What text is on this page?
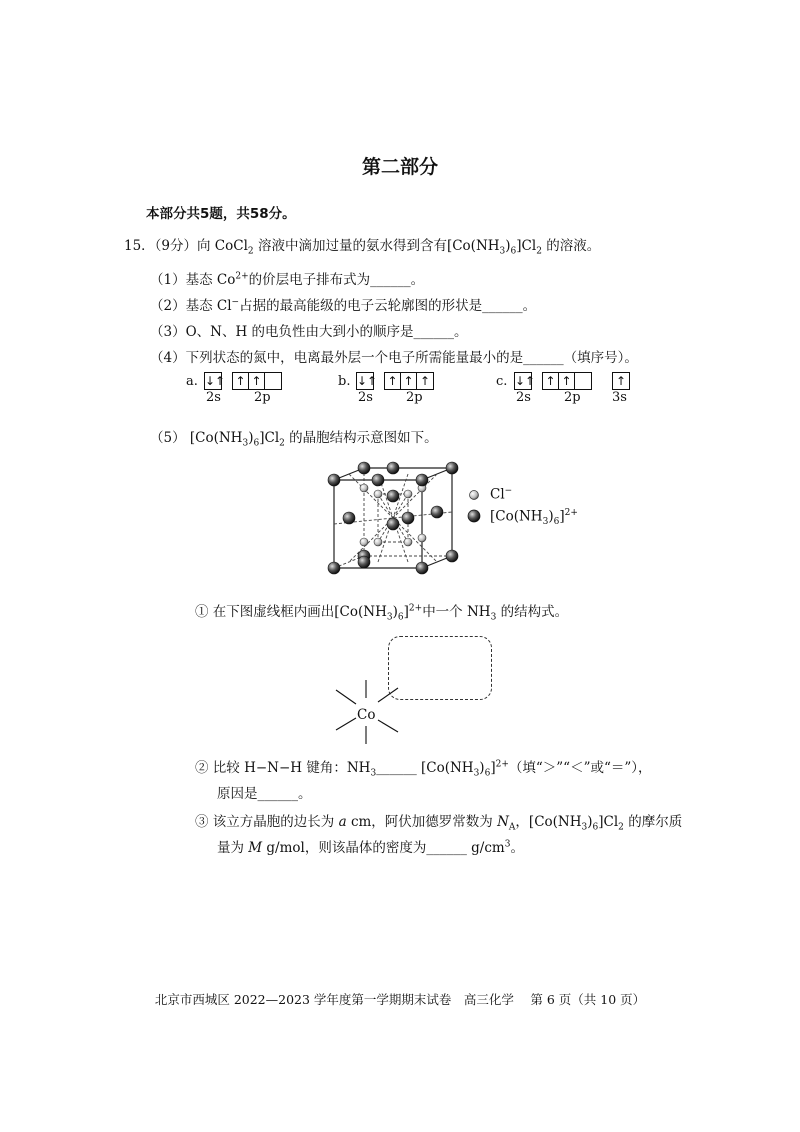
第二部分
本部分共5题，共58分。
15．（9分）向 CoCl$_2$ 溶液中滴加过量的氨水得到含有$[Co(NH_3)_6]Cl_2$ 的溶液。
（1）基态 $Co^{2+}$的价层电子排布式为______。
（2）基态 Cl−占据的最高能级的电子云轮廓图的形状是______。
（3）O、N、H 的电负性由大到小的顺序是______。
（4）下列状态的氮中，电离最外层一个电子所需能量最小的是______（填序号）。
a. ↓↑ ↑ ↑
2s	2p
b. ↓↑ ↑ ↑ ↑
2s	2p
c. ↓↑ ↑ ↑	↑
2s	2p 3s
（5） $[Co(NH_3)_6]Cl_2$ 的晶胞结构示意图如下。
Cl−
$[Co(NH_3)_6]^{2+}$
① 在下图虚线框内画出$[Co(NH_3)_6]^{2+}$中一个 $NH_3$ 的结构式。
Co
② 比较 H−N−H 键角：$NH_3\_\_\_\_\_\_$ $[Co(NH_3)_6]^{2+}$（填“＞”“＜”或“＝”），
原因是______。
③ 该立方晶胞的边长为 a cm，阿伏加德罗常数为 $N_A$，$[Co(NH_3)_6]Cl_2$ 的摩尔质
量为 M g/mol，则该晶体的密度为______ $g/cm^3$。
北京市西城区 2022—2023 学年度第一学期期末试卷　高三化学　 第 6 页（共 10 页）
